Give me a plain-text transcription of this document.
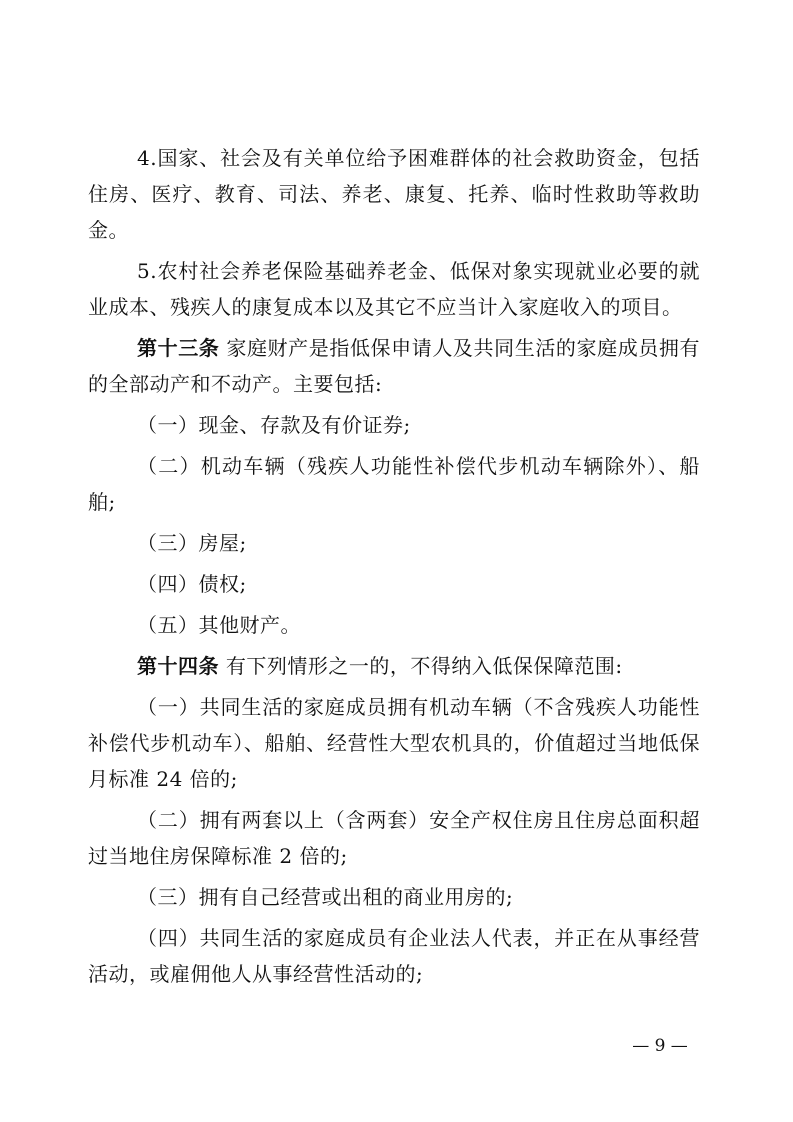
4.国家、社会及有关单位给予困难群体的社会救助资金，包括住房、医疗、教育、司法、养老、康复、托养、临时性救助等救助金。

5.农村社会养老保险基础养老金、低保对象实现就业必要的就业成本、残疾人的康复成本以及其它不应当计入家庭收入的项目。

第十三条 家庭财产是指低保申请人及共同生活的家庭成员拥有的全部动产和不动产。主要包括:

（一）现金、存款及有价证券;

（二）机动车辆（残疾人功能性补偿代步机动车辆除外）、船舶;

（三）房屋;

（四）债权;

（五）其他财产。

第十四条 有下列情形之一的，不得纳入低保保障范围:

（一）共同生活的家庭成员拥有机动车辆（不含残疾人功能性补偿代步机动车）、船舶、经营性大型农机具的，价值超过当地低保月标准 24 倍的;

（二）拥有两套以上（含两套）安全产权住房且住房总面积超过当地住房保障标准 2 倍的;

（三）拥有自己经营或出租的商业用房的;

（四）共同生活的家庭成员有企业法人代表，并正在从事经营活动，或雇佣他人从事经营性活动的;

— 9 —
